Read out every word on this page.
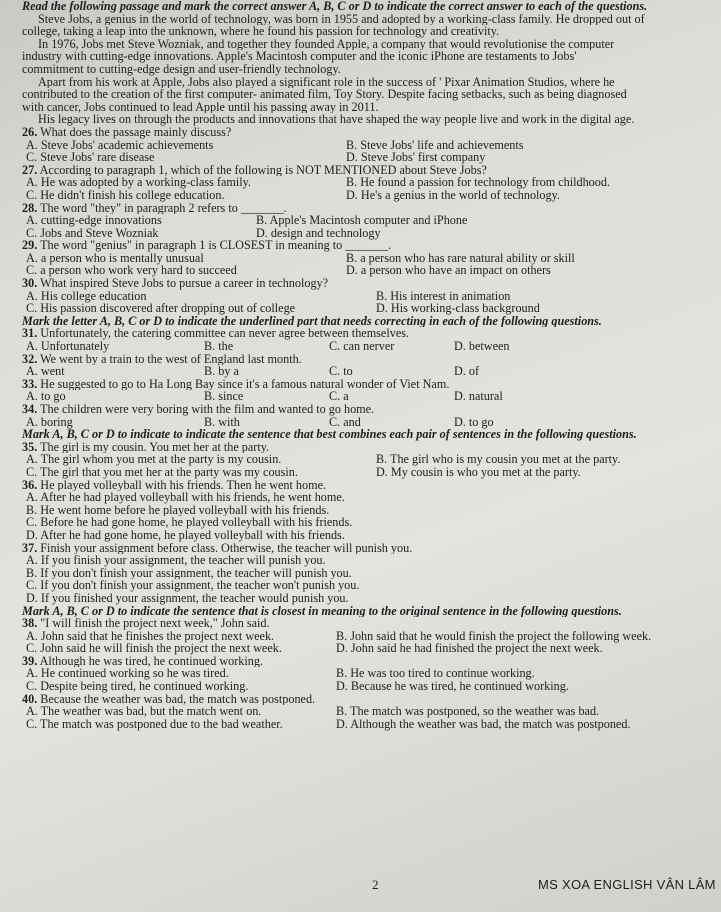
Read the following passage and mark the correct answer A, B, C or D to indicate the correct answer to each of the questions.
Steve Jobs, a genius in the world of technology, was born in 1955 and adopted by a working-class family. He dropped out of
college, taking a leap into the unknown, where he found his passion for technology and creativity.
In 1976, Jobs met Steve Wozniak, and together they founded Apple, a company that would revolutionise the computer
industry with cutting-edge innovations. Apple's Macintosh computer and the iconic iPhone are testaments to Jobs'
commitment to cutting-edge design and user-friendly technology.
Apart from his work at Apple, Jobs also played a significant role in the success of ' Pixar Animation Studios, where he
contributed to the creation of the first computer- animated film, Toy Story. Despite facing setbacks, such as being diagnosed
with cancer, Jobs continued to lead Apple until his passing away in 2011.
His legacy lives on through the products and innovations that have shaped the way people live and work in the digital age.
26. What does the passage mainly discuss?
A. Steve Jobs' academic achievements	B. Steve Jobs' life and achievements
C. Steve Jobs' rare disease	D. Steve Jobs' first company
27. According to paragraph 1, which of the following is NOT MENTIONED about Steve Jobs?
A. He was adopted by a working-class family.	B. He found a passion for technology from childhood.
C. He didn't finish his college education.	D. He's a genius in the world of technology.
28. The word "they" in paragraph 2 refers to _______.
A. cutting-edge innovations	B. Apple's Macintosh computer and iPhone
C. Jobs and Steve Wozniak	D. design and technology
29. The word "genius" in paragraph 1 is CLOSEST in meaning to _______.
A. a person who is mentally unusual	B. a person who has rare natural ability or skill
C. a person who work very hard to succeed	D. a person who have an impact on others
30. What inspired Steve Jobs to pursue a career in technology?
A. His college education	B. His interest in animation
C. His passion discovered after dropping out of college	D. His working-class background
Mark the letter A, B, C or D to indicate the underlined part that needs correcting in each of the following questions.
31. Unfortunately, the catering committee can never agree between themselves.
A. Unfortunately	B. the	C. can nerver	D. between
32. We went by a train to the west of England last month.
A. went	B. by a	C. to	D. of
33. He suggested to go to Ha Long Bay since it's a famous natural wonder of Viet Nam.
A. to go	B. since	C. a	D. natural
34. The children were very boring with the film and wanted to go home.
A. boring	B. with	C. and	D. to go
Mark A, B, C or D to indicate to indicate the sentence that best combines each pair of sentences in the following questions.
35. The girl is my cousin. You met her at the party.
A. The girl whom you met at the party is my cousin.	B. The girl who is my cousin you met at the party.
C. The girl that you met her at the party was my cousin.	D. My cousin is who you met at the party.
36. He played volleyball with his friends. Then he went home.
A. After he had played volleyball with his friends, he went home.
B. He went home before he played volleyball with his friends.
C. Before he had gone home, he played volleyball with his friends.
D. After he had gone home, he played volleyball with his friends.
37. Finish your assignment before class. Otherwise, the teacher will punish you.
A. If you finish your assignment, the teacher will punish you.
B. If you don't finish your assignment, the teacher will punish you.
C. If you don't finish your assignment, the teacher won't punish you.
D. If you finished your assignment, the teacher would punish you.
Mark A, B, C or D to indicate the sentence that is closest in meaning to the original sentence in the following questions.
38. "I will finish the project next week," John said.
A. John said that he finishes the project next week.	B. John said that he would finish the project the following week.
C. John said he will finish the project the next week.	D. John said he had finished the project the next week.
39. Although he was tired, he continued working.
A. He continued working so he was tired.	B. He was too tired to continue working.
C. Despite being tired, he continued working.	D. Because he was tired, he continued working.
40. Because the weather was bad, the match was postponed.
A. The weather was bad, but the match went on.	B. The match was postponed, so the weather was bad.
C. The match was postponed due to the bad weather.	D. Although the weather was bad, the match was postponed.
2	MS XOA ENGLISH VÂN LÂM
